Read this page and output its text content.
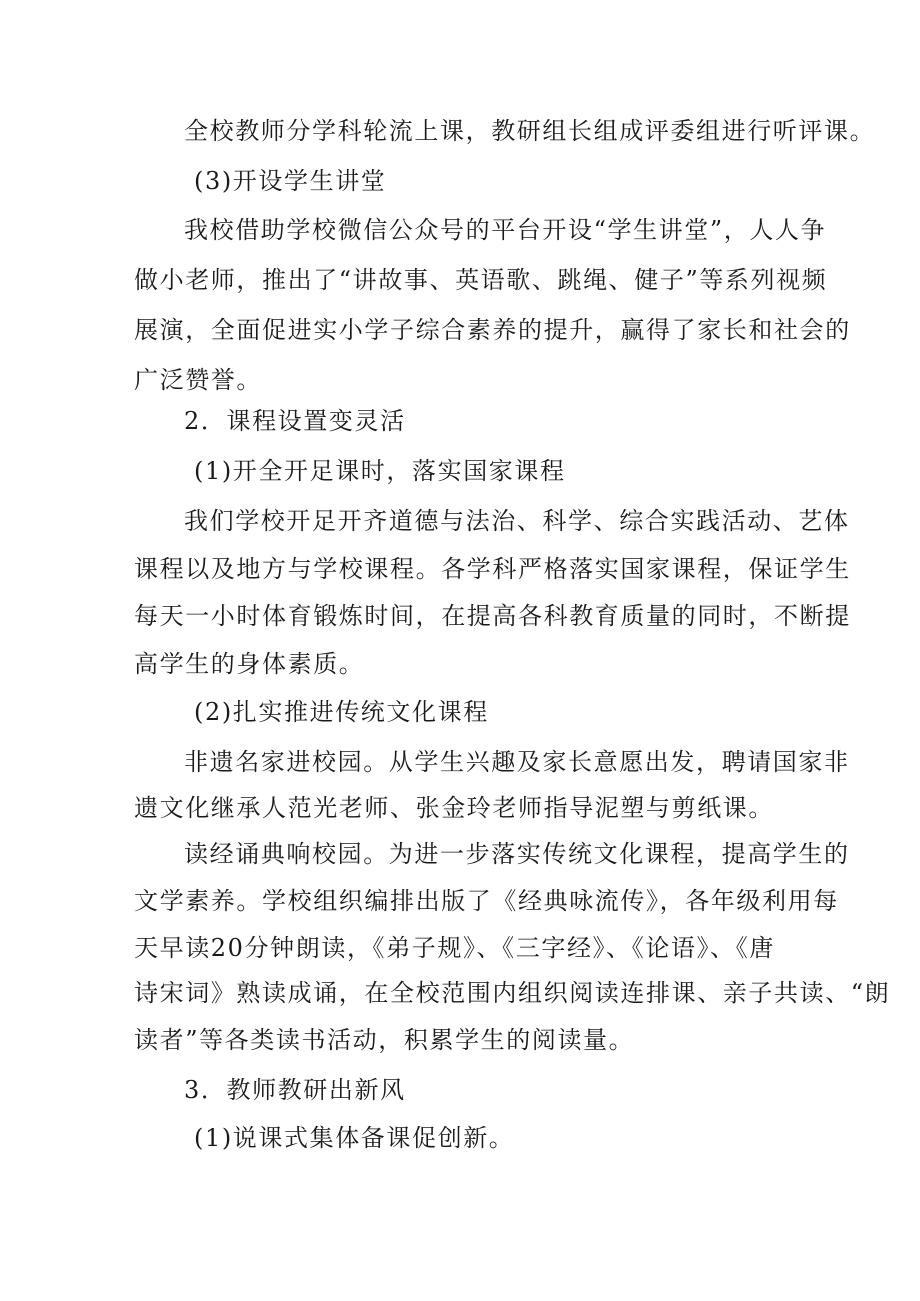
全校教师分学科轮流上课，教研组长组成评委组进行听评课。
(3)开设学生讲堂
我校借助学校微信公众号的平台开设“学生讲堂”，人人争
做小老师，推出了“讲故事、英语歌、跳绳、健子”等系列视频
展演，全面促进实小学子综合素养的提升，赢得了家长和社会的
广泛赞誉。
2．课程设置变灵活
(1)开全开足课时，落实国家课程
我们学校开足开齐道德与法治、科学、综合实践活动、艺体
课程以及地方与学校课程。各学科严格落实国家课程，保证学生
每天一小时体育锻炼时间，在提高各科教育质量的同时，不断提
高学生的身体素质。
(2)扎实推进传统文化课程
非遗名家进校园。从学生兴趣及家长意愿出发，聘请国家非
遗文化继承人范光老师、张金玲老师指导泥塑与剪纸课。
读经诵典响校园。为进一步落实传统文化课程，提高学生的
文学素养。学校组织编排出版了《经典咏流传》，各年级利用每
天早读20分钟朗读，《弟子规》、《三字经》、《论语》、《唐
诗宋词》熟读成诵，在全校范围内组织阅读连排课、亲子共读、“朗
读者”等各类读书活动，积累学生的阅读量。
3．教师教研出新风
(1)说课式集体备课促创新。
